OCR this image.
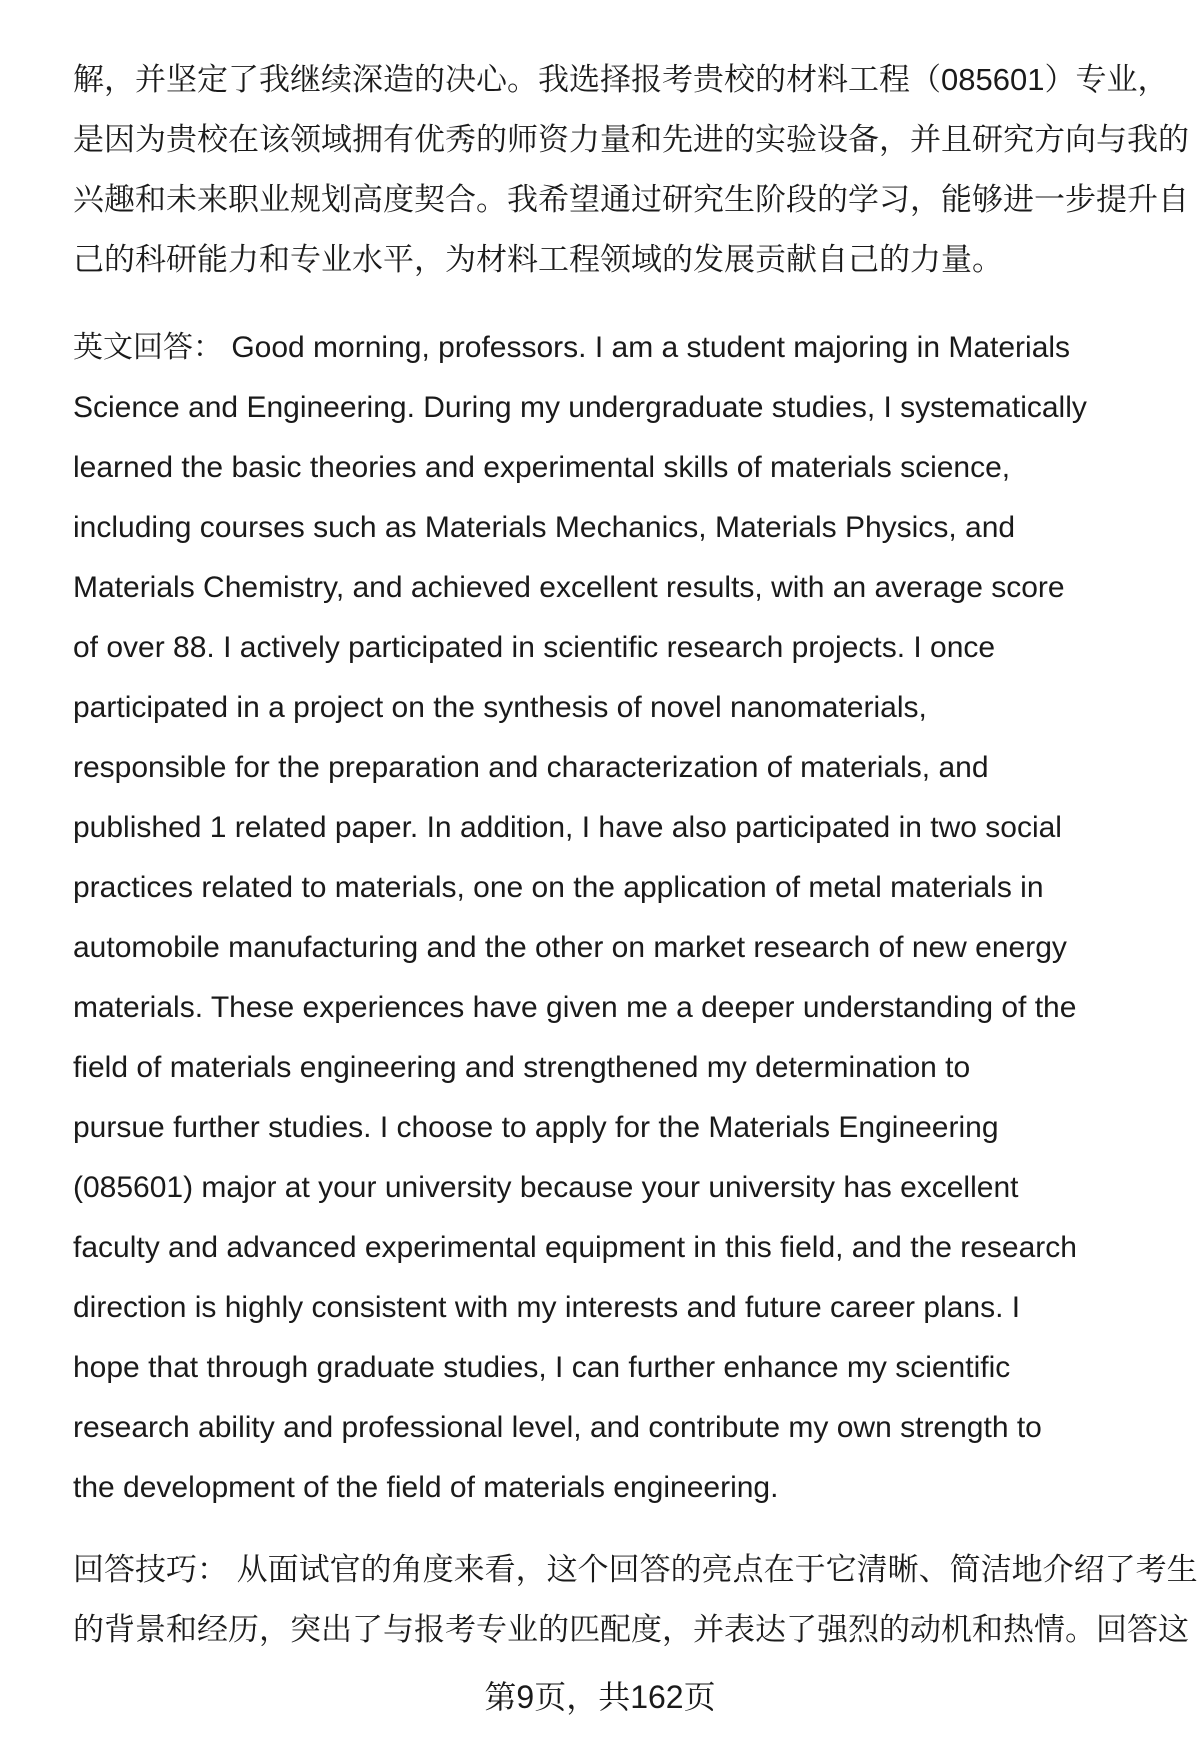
解，并坚定了我继续深造的决心。我选择报考贵校的材料工程（085601）专业，
是因为贵校在该领域拥有优秀的师资力量和先进的实验设备，并且研究方向与我的
兴趣和未来职业规划高度契合。我希望通过研究生阶段的学习，能够进一步提升自
己的科研能力和专业水平，为材料工程领域的发展贡献自己的力量。
英文回答： Good morning, professors. I am a student majoring in Materials
Science and Engineering. During my undergraduate studies, I systematically
learned the basic theories and experimental skills of materials science,
including courses such as Materials Mechanics, Materials Physics, and
Materials Chemistry, and achieved excellent results, with an average score
of over 88. I actively participated in scientific research projects. I once
participated in a project on the synthesis of novel nanomaterials,
responsible for the preparation and characterization of materials, and
published 1 related paper. In addition, I have also participated in two social
practices related to materials, one on the application of metal materials in
automobile manufacturing and the other on market research of new energy
materials. These experiences have given me a deeper understanding of the
field of materials engineering and strengthened my determination to
pursue further studies. I choose to apply for the Materials Engineering
(085601) major at your university because your university has excellent
faculty and advanced experimental equipment in this field, and the research
direction is highly consistent with my interests and future career plans. I
hope that through graduate studies, I can further enhance my scientific
research ability and professional level, and contribute my own strength to
the development of the field of materials engineering.
回答技巧： 从面试官的角度来看，这个回答的亮点在于它清晰、简洁地介绍了考生
的背景和经历，突出了与报考专业的匹配度，并表达了强烈的动机和热情。回答这
第9页，共162页
